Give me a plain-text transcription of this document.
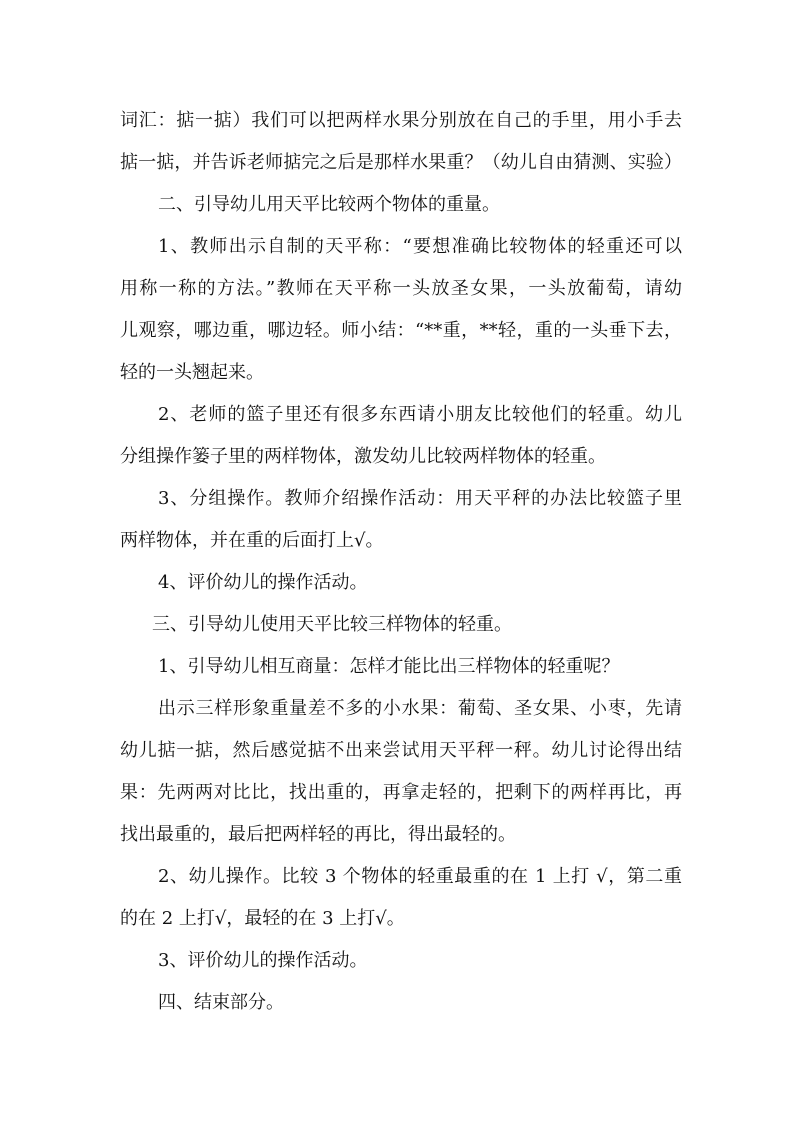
词汇：掂一掂）我们可以把两样水果分别放在自己的手里，用小手去
掂一掂，并告诉老师掂完之后是那样水果重？（幼儿自由猜测、实验）
二、引导幼儿用天平比较两个物体的重量。
1、教师出示自制的天平称：“要想准确比较物体的轻重还可以
用称一称的方法。”教师在天平称一头放圣女果，一头放葡萄，请幼
儿观察，哪边重，哪边轻。师小结：“**重，**轻，重的一头垂下去，
轻的一头翘起来。
2、老师的篮子里还有很多东西请小朋友比较他们的轻重。幼儿
分组操作篓子里的两样物体，激发幼儿比较两样物体的轻重。
3、分组操作。教师介绍操作活动：用天平秤的办法比较篮子里
两样物体，并在重的后面打上√。
4、评价幼儿的操作活动。
三、引导幼儿使用天平比较三样物体的轻重。
1、引导幼儿相互商量：怎样才能比出三样物体的轻重呢？
出示三样形象重量差不多的小水果：葡萄、圣女果、小枣，先请
幼儿掂一掂，然后感觉掂不出来尝试用天平秤一秤。幼儿讨论得出结
果：先两两对比比，找出重的，再拿走轻的，把剩下的两样再比，再
找出最重的，最后把两样轻的再比，得出最轻的。
2、幼儿操作。比较 3 个物体的轻重最重的在 1 上打 √，第二重
的在 2 上打√，最轻的在 3 上打√。
3、评价幼儿的操作活动。
四、结束部分。
